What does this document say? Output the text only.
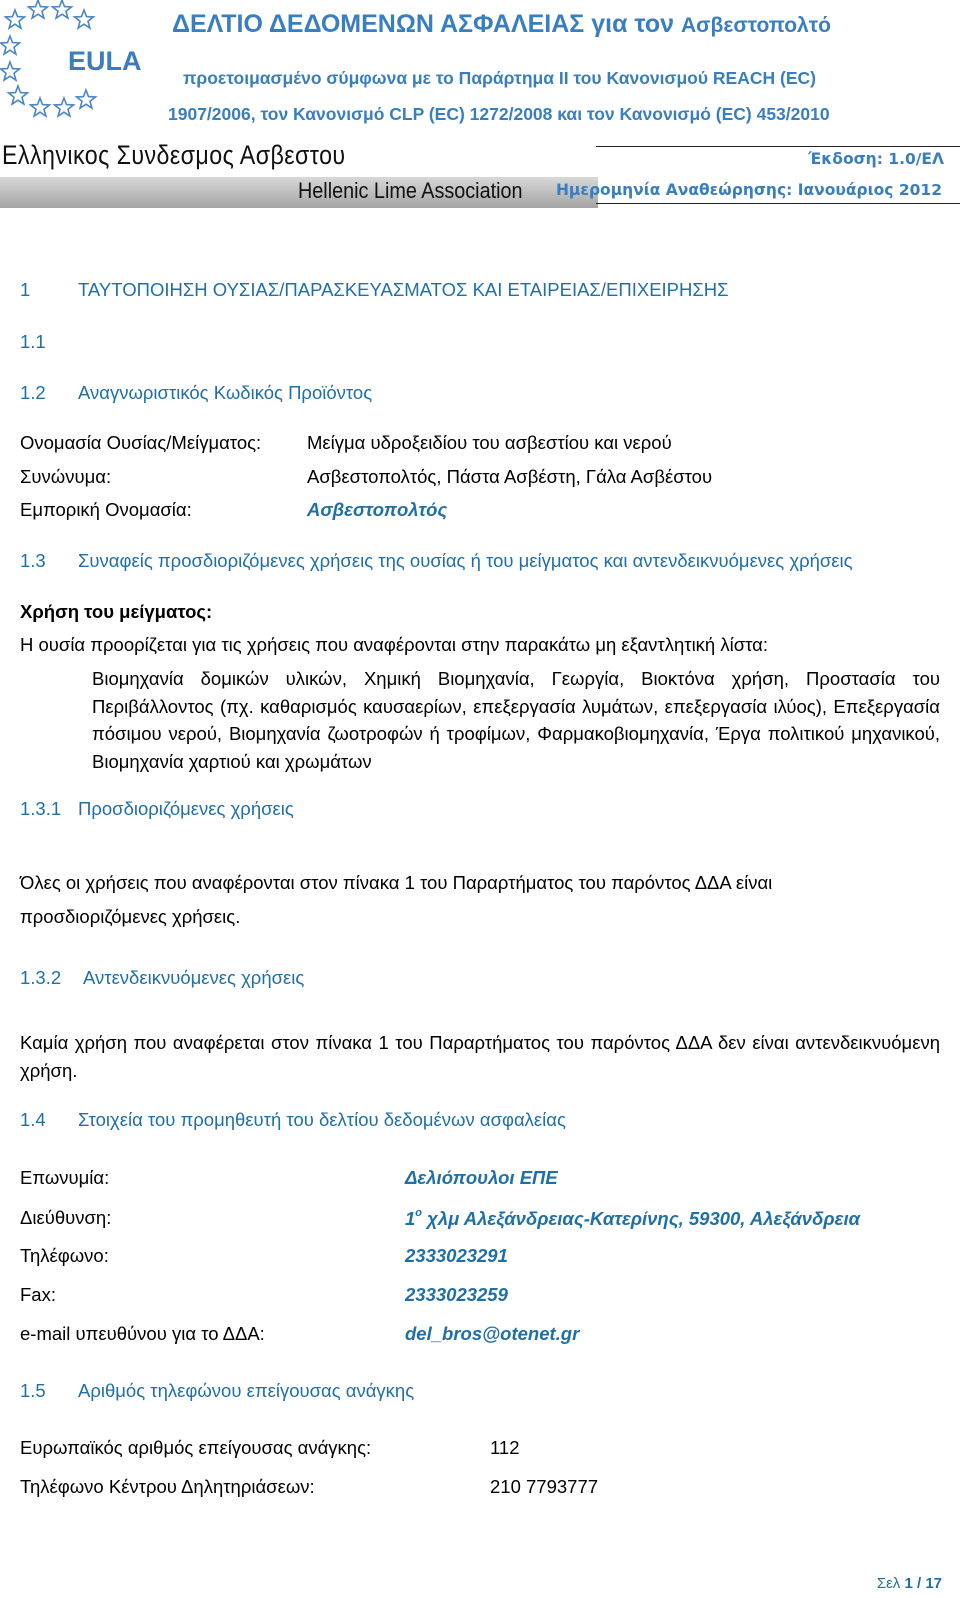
EULA
ΔΕΛΤΙΟ ΔΕΔΟΜΕΝΩΝ ΑΣΦΑΛΕΙΑΣ για τον Ασβεστοπολτό
προετοιμασμένο σύμφωνα με το Παράρτημα II του Κανονισμού REACH (EC)
1907/2006, τον Κανονισμό CLP (EC) 1272/2008 και τον Κανονισμό (EC) 453/2010
Ελληνικος Συνδεσμος Ασβεστου
Hellenic Lime Association
Έκδοση: 1.0/ΕΛ
Ημερομηνία Αναθεώρησης: Ιανουάριος 2012
1	ΤΑΥΤΟΠΟΙΗΣΗ ΟΥΣΙΑΣ/ΠΑΡΑΣΚΕΥΑΣΜΑΤΟΣ ΚΑΙ ΕΤΑΙΡΕΙΑΣ/ΕΠΙΧΕΙΡΗΣΗΣ
1.1
1.2 Αναγνωριστικός Κωδικός Προϊόντος
Ονομασία Ουσίας/Μείγματος: Μείγμα υδροξειδίου του ασβεστίου και νερού
Συνώνυμα:	Ασβεστοπολτός, Πάστα Ασβέστη, Γάλα Ασβέστου
Εμπορική Ονομασία:	Ασβεστοπολτός
1.3 Συναφείς προσδιοριζόμενες χρήσεις της ουσίας ή του μείγματος και αντενδεικνυόμενες χρήσεις
Χρήση του μείγματος:
Η ουσία προορίζεται για τις χρήσεις που αναφέρονται στην παρακάτω μη εξαντλητική λίστα:
Βιομηχανία δομικών υλικών, Χημική Βιομηχανία, Γεωργία, Βιοκτόνα χρήση, Προστασία του Περιβάλλοντος (πχ. καθαρισμός καυσαερίων, επεξεργασία λυμάτων, επεξεργασία ιλύος), Επεξεργασία πόσιμου νερού, Βιομηχανία ζωοτροφών ή τροφίμων, Φαρμακοβιομηχανία, Έργα πολιτικού μηχανικού, Βιομηχανία χαρτιού και χρωμάτων
1.3.1 Προσδιοριζόμενες χρήσεις
Όλες οι χρήσεις που αναφέρονται στον πίνακα 1 του Παραρτήματος του παρόντος ΔΔΑ είναι
προσδιοριζόμενες χρήσεις.
1.3.2 Αντενδεικνυόμενες χρήσεις
Καμία χρήση που αναφέρεται στον πίνακα 1 του Παραρτήματος του παρόντος ΔΔΑ δεν είναι αντενδεικνυόμενη χρήση.
1.4 Στοιχεία του προμηθευτή του δελτίου δεδομένων ασφαλείας
Επωνυμία:	Δελιόπουλοι ΕΠΕ
Διεύθυνση:	$1^o$ χλμ Αλεξάνδρειας-Κατερίνης, 59300, Αλεξάνδρεια
Τηλέφωνο:	2333023291
Fax:	2333023259
e-mail υπευθύνου για το ΔΔΑ:	del_bros@otenet.gr
1.5 Αριθμός τηλεφώνου επείγουσας ανάγκης
Ευρωπαϊκός αριθμός επείγουσας ανάγκης:	112
Τηλέφωνο Κέντρου Δηλητηριάσεων:	210 7793777
Σελ 1 / 17
